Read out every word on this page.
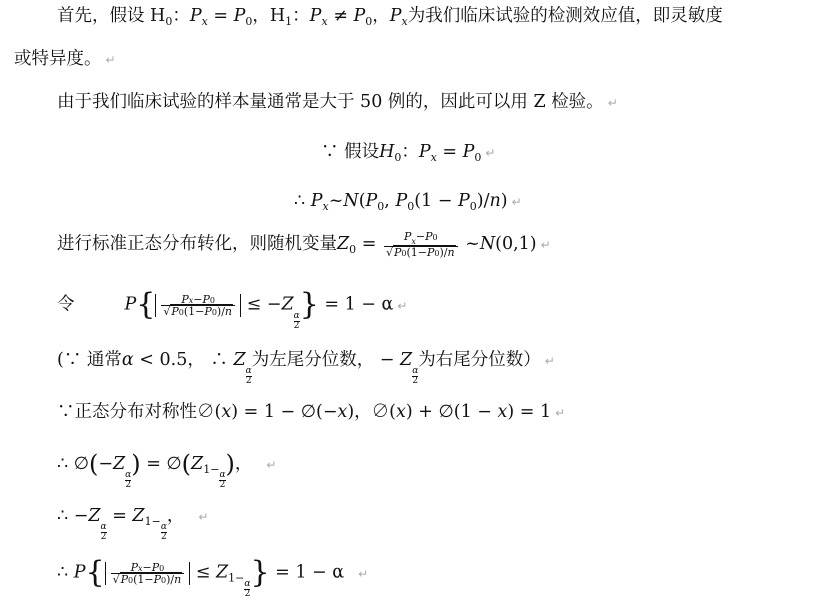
首先，假设 $H_0$：$P_x = P_0$，$H_1$：$P_x \ne P_0$，$P_x$为我们临床试验的检测效应值，即灵敏度
或特异度。 ↵
由于我们临床试验的样本量通常是大于 50 例的，因此可以用 Z 检验。 ↵
∵ 假设$H_0$：$P_x = P_0$ ↵
∴ $P_x\sim N(P_0$, $P_0(1 - P_0)/n$) ↵
进行标准正态分布转化，则随机变量$Z_0 = \frac{P_x-P0}{√P0(1-P0)/n}$ ~N(0,1) ↵
令	$P\{ \frac{Px-P0}{√P0(1-P0)/n} \le -Z$
α
2} = 1 − α ↵
(∵ 通常α < 0.5， ∴ Z
α
2为左尾分位数， − Z
α
2为右尾分位数） ↵
∵正态分布对称性∅(x) = 1 − ∅(−x)，∅(x) + ∅(1 − x) = 1 ↵
∴ ∅(−Z
α
$2) = \emptyset(Z_{1-}$ α
2)， ↵
∴ −Z
α
$2 = Z_{1-}$ α
2， ↵
∴ $P\{ \frac{Px-P0}{√P0(1-P0)/n} \le Z_{1-}$ α
2} = 1 − α ↵
